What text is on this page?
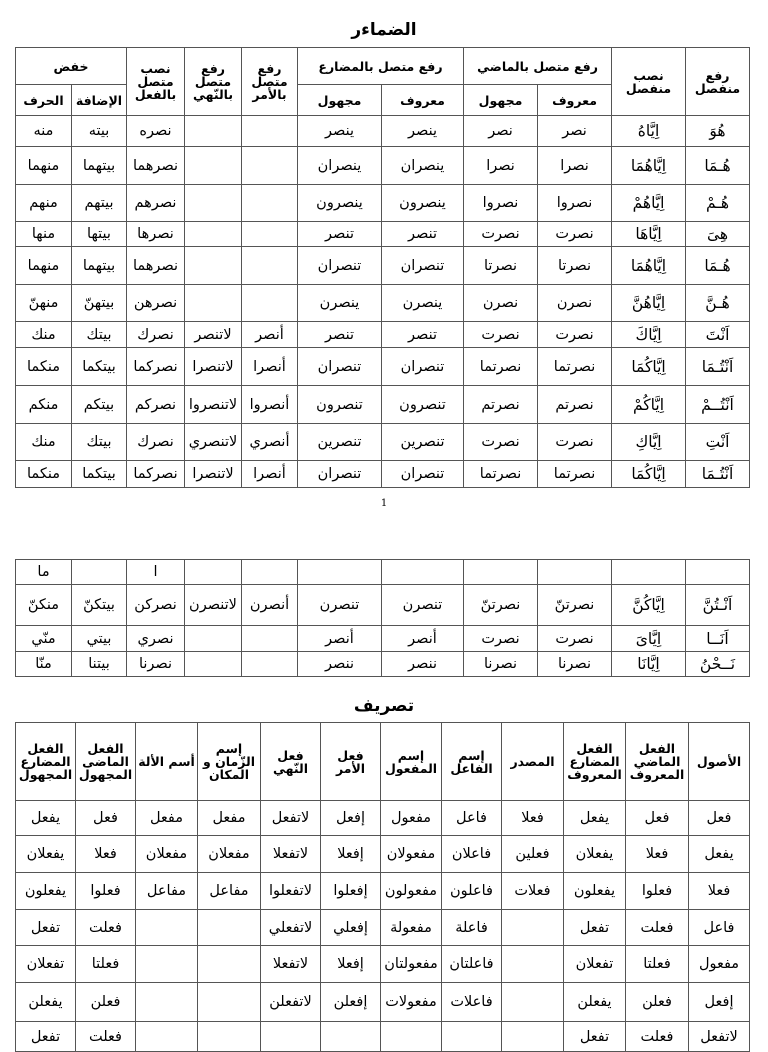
الضماءر
رفع منفصل	نصب منفصل	رفع متصل بالماضي		رفع متصل بالمضارع		رفع متصل بالأمر	رفع متصل بالنّهي	نصب متصل بالفعل	خفض	
		معروف	مجهول	معروف	مجهول				الإضافة	الحرف
هُوَ	اِيَّاهُ	نصر	نصر	ينصر	ينصر			نصره	بيته	منه
هُـمَا	اِيَّاهُمَا	نصرا	نصرا	ينصران	ينصران			نصرهما	بيتهما	منهما
هُـمْ	اِيَّاهُمْ	نصروا	نصروا	ينصرون	ينصرون			نصرهم	بيتهم	منهم
هِىَ	اِيَّاهَا	نصرت	نصرت	تنصر	تنصر			نصرها	بيتها	منها
هُـمَا	اِيَّاهُمَا	نصرتا	نصرتا	تنصران	تنصران			نصرهما	بيتهما	منهما
هُـنَّ	اِيَّاهُنَّ	نصرن	نصرن	ينصرن	ينصرن			نصرهن	بيتهنّ	منهنّ
اَنْتَ	اِيَّاكَ	نصرت	نصرت	تنصر	تنصر	أنصر	لاتنصر	نصرك	بيتك	منك
اَنْتُـمَا	اِيَّاكُمَا	نصرتما	نصرتما	تنصران	تنصران	أنصرا	لاتنصرا	نصركما	بيتكما	منكما
اَنْتُــمْ	اِيَّاكُمْ	نصرتم	نصرتم	تنصرون	تنصرون	أنصروا	لاتنصروا	نصركم	بيتكم	منكم
اَنْتِ	اِيَّاكِ	نصرت	نصرت	تنصرين	تنصرين	أنصري	لاتنصري	نصرك	بيتك	منك
اَنْتُـمَا	اِيَّاكُمَا	نصرتما	نصرتما	تنصران	تنصران	أنصرا	لاتنصرا	نصركما	بيتكما	منكما
1
								ا		ما
اَنْـتُنَّ	اِيَّاكُنَّ	نصرتنّ	نصرتنّ	تنصرن	تنصرن	أنصرن	لاتنصرن	نصركن	بيتكنّ	منكنّ
اَنَــا	اِيَّاىَ	نصرت	نصرت	أنصر	أنصر			نصري	بيتي	منّي
نَــحْنُ	اِيَّانَا	نصرنا	نصرنا	ننصر	ننصر			نصرنا	بيتنا	منّا
تصريف
الأصول	الفعل الماضي المعروف	الفعل المضارع المعروف	المصدر	إسم الفاعل	إسم المفعول	فعل الأمر	فعل النّهي	إسم الزّمان و المكان	أسم الألة	الفعل الماضى المجهول	الفعل المضارع المجهول
فعل	فعل	يفعل	فعلا	فاعل	مفعول	إفعل	لاتفعل	مفعل	مفعل	فعل	يفعل
يفعل	فعلا	يفعلان	فعلين	فاعلان	مفعولان	إفعلا	لاتفعلا	مفعلان	مفعلان	فعلا	يفعلان
فعلا	فعلوا	يفعلون	فعلات	فاعلون	مفعولون	إفعلوا	لاتفعلوا	مفاعل	مفاعل	فعلوا	يفعلون
فاعل	فعلت	تفعل		فاعلة	مفعولة	إفعلي	لاتفعلي			فعلت	تفعل
مفعول	فعلتا	تفعلان		فاعلتان	مفعولتان	إفعلا	لاتفعلا			فعلتا	تفعلان
إفعل	فعلن	يفعلن		فاعلات	مفعولات	إفعلن	لاتفعلن			فعلن	يفعلن
لاتفعل	فعلت	تفعل								فعلت	تفعل
